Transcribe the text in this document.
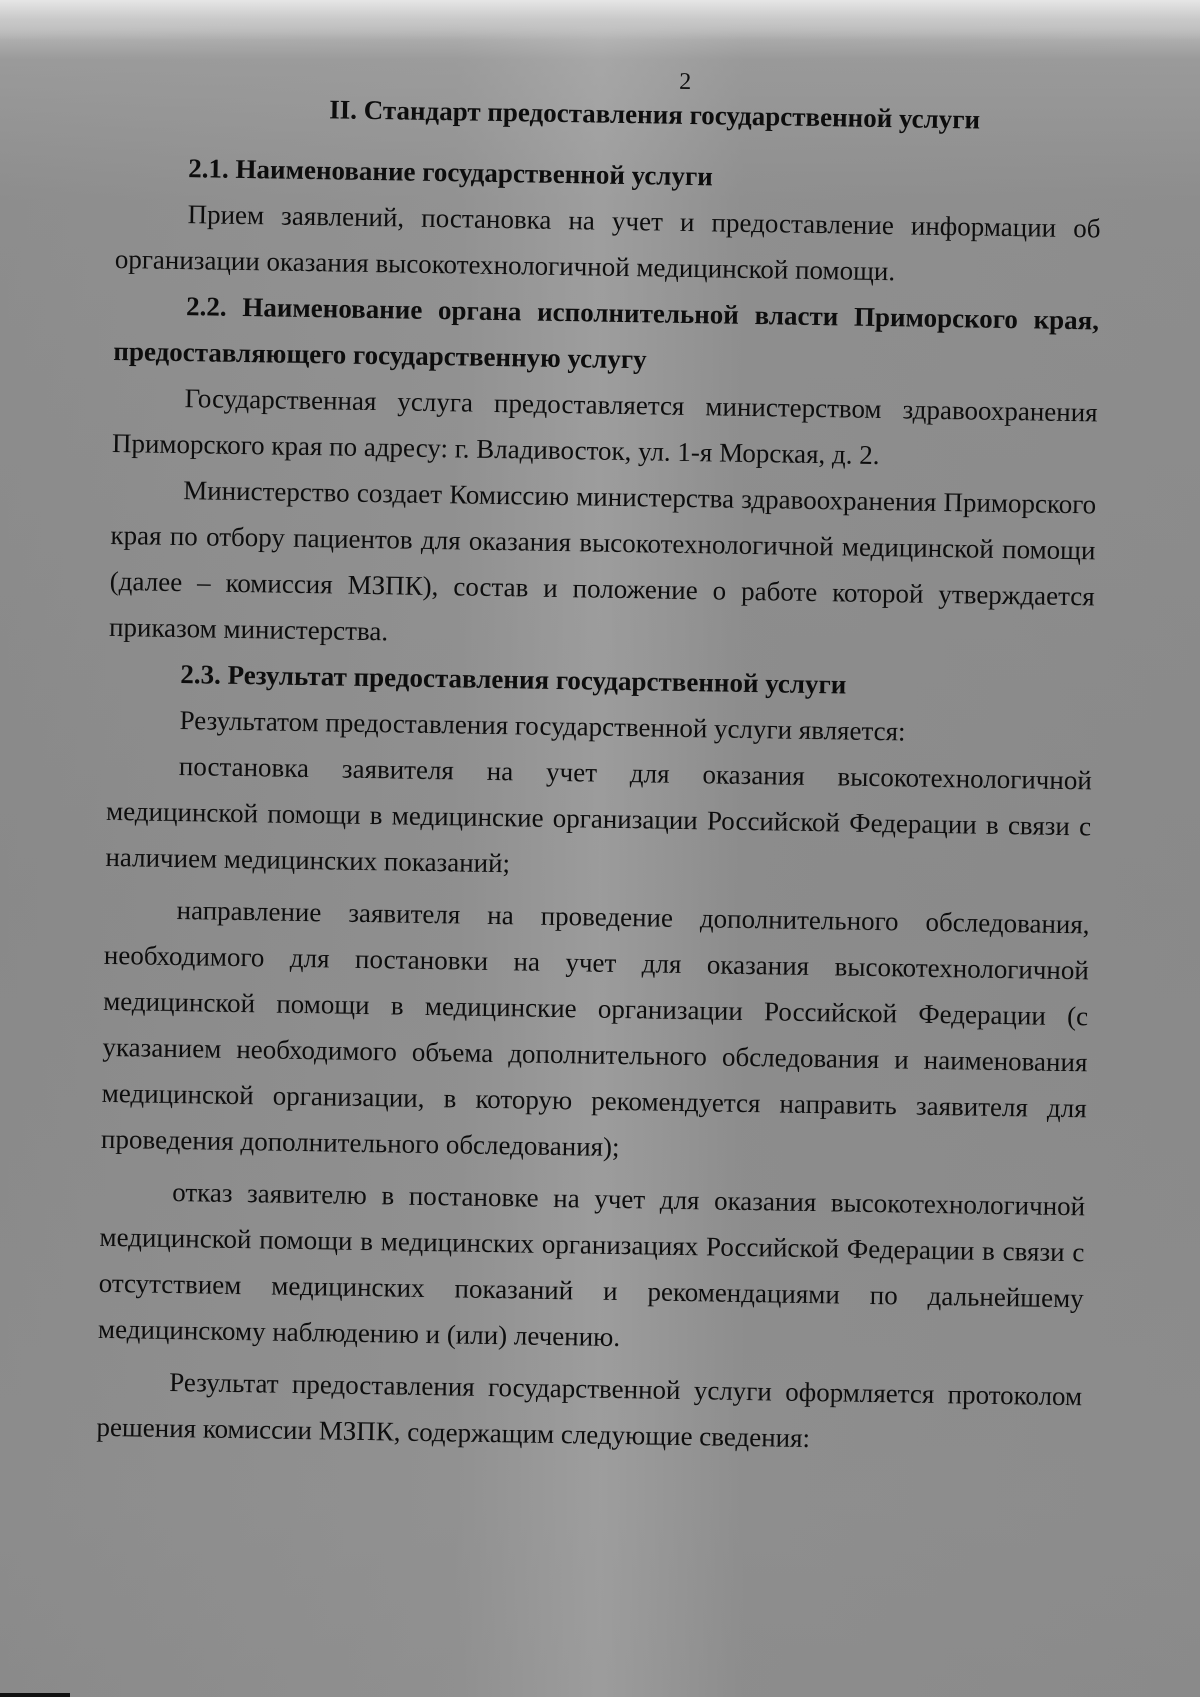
2
II. Стандарт предоставления государственной услуги

2.1. Наименование государственной услуги

Прием заявлений, постановка на учет и предоставление информации об организации оказания высокотехнологичной медицинской помощи.

2.2. Наименование органа исполнительной власти Приморского края, предоставляющего государственную услугу

Государственная услуга предоставляется министерством здравоохранения Приморского края по адресу: г. Владивосток, ул. 1-я Морская, д. 2.

Министерство создает Комиссию министерства здравоохранения Приморского края по отбору пациентов для оказания высокотехнологичной медицинской помощи (далее – комиссия МЗПК), состав и положение о работе которой утверждается приказом министерства.

2.3. Результат предоставления государственной услуги

Результатом предоставления государственной услуги является:

постановка заявителя на учет для оказания высокотехнологичной медицинской помощи в медицинские организации Российской Федерации в связи с наличием медицинских показаний;

направление заявителя на проведение дополнительного обследования, необходимого для постановки на учет для оказания высокотехнологичной медицинской помощи в медицинские организации Российской Федерации (с указанием необходимого объема дополнительного обследования и наименования медицинской организации, в которую рекомендуется направить заявителя для проведения дополнительного обследования);

отказ заявителю в постановке на учет для оказания высокотехнологичной медицинской помощи в медицинских организациях Российской Федерации в связи с отсутствием медицинских показаний и рекомендациями по дальнейшему медицинскому наблюдению и (или) лечению.

Результат предоставления государственной услуги оформляется протоколом решения комиссии МЗПК, содержащим следующие сведения:
